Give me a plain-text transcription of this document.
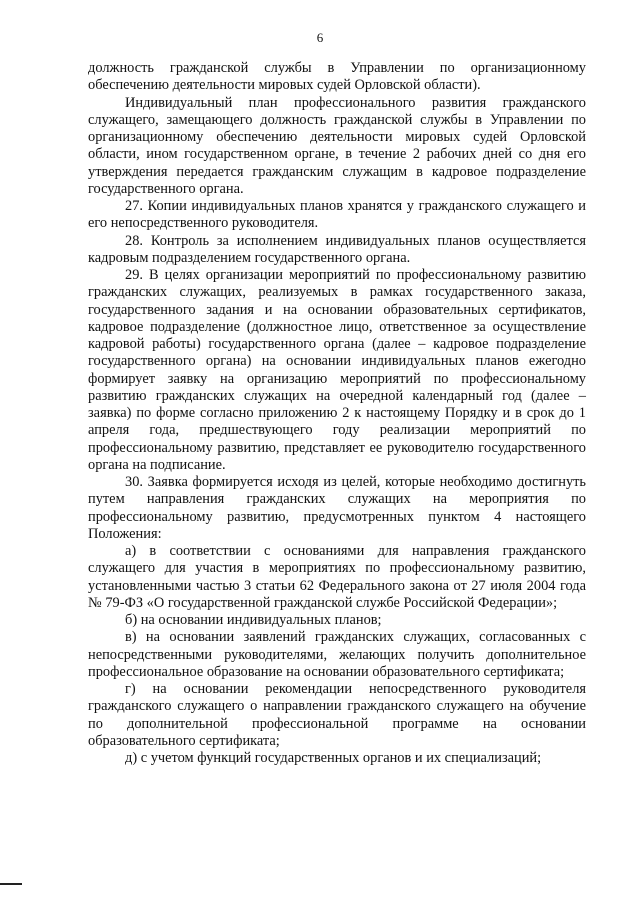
6

должность гражданской службы в Управлении по организационному обеспечению деятельности мировых судей Орловской области).

Индивидуальный план профессионального развития гражданского служащего, замещающего должность гражданской службы в Управлении по организационному обеспечению деятельности мировых судей Орловской области, ином государственном органе, в течение 2 рабочих дней со дня его утверждения передается гражданским служащим в кадровое подразделение государственного органа.

27. Копии индивидуальных планов хранятся у гражданского служащего и его непосредственного руководителя.

28. Контроль за исполнением индивидуальных планов осуществляется кадровым подразделением государственного органа.

29. В целях организации мероприятий по профессиональному развитию гражданских служащих, реализуемых в рамках государственного заказа, государственного задания и на основании образовательных сертификатов, кадровое подразделение (должностное лицо, ответственное за осуществление кадровой работы) государственного органа (далее – кадровое подразделение государственного органа) на основании индивидуальных планов ежегодно формирует заявку на организацию мероприятий по профессиональному развитию гражданских служащих на очередной календарный год (далее – заявка) по форме согласно приложению 2 к настоящему Порядку и в срок до 1 апреля года, предшествующего году реализации мероприятий по профессиональному развитию, представляет ее руководителю государственного органа на подписание.

30. Заявка формируется исходя из целей, которые необходимо достигнуть путем направления гражданских служащих на мероприятия по профессиональному развитию, предусмотренных пунктом 4 настоящего Положения:

а) в соответствии с основаниями для направления гражданского служащего для участия в мероприятиях по профессиональному развитию, установленными частью 3 статьи 62 Федерального закона от 27 июля 2004 года № 79-ФЗ «О государственной гражданской службе Российской Федерации»;

б) на основании индивидуальных планов;

в) на основании заявлений гражданских служащих, согласованных с непосредственными руководителями, желающих получить дополнительное профессиональное образование на основании образовательного сертификата;

г) на основании рекомендации непосредственного руководителя гражданского служащего о направлении гражданского служащего на обучение по дополнительной профессиональной программе на основании образовательного сертификата;

д) с учетом функций государственных органов и их специализаций;
